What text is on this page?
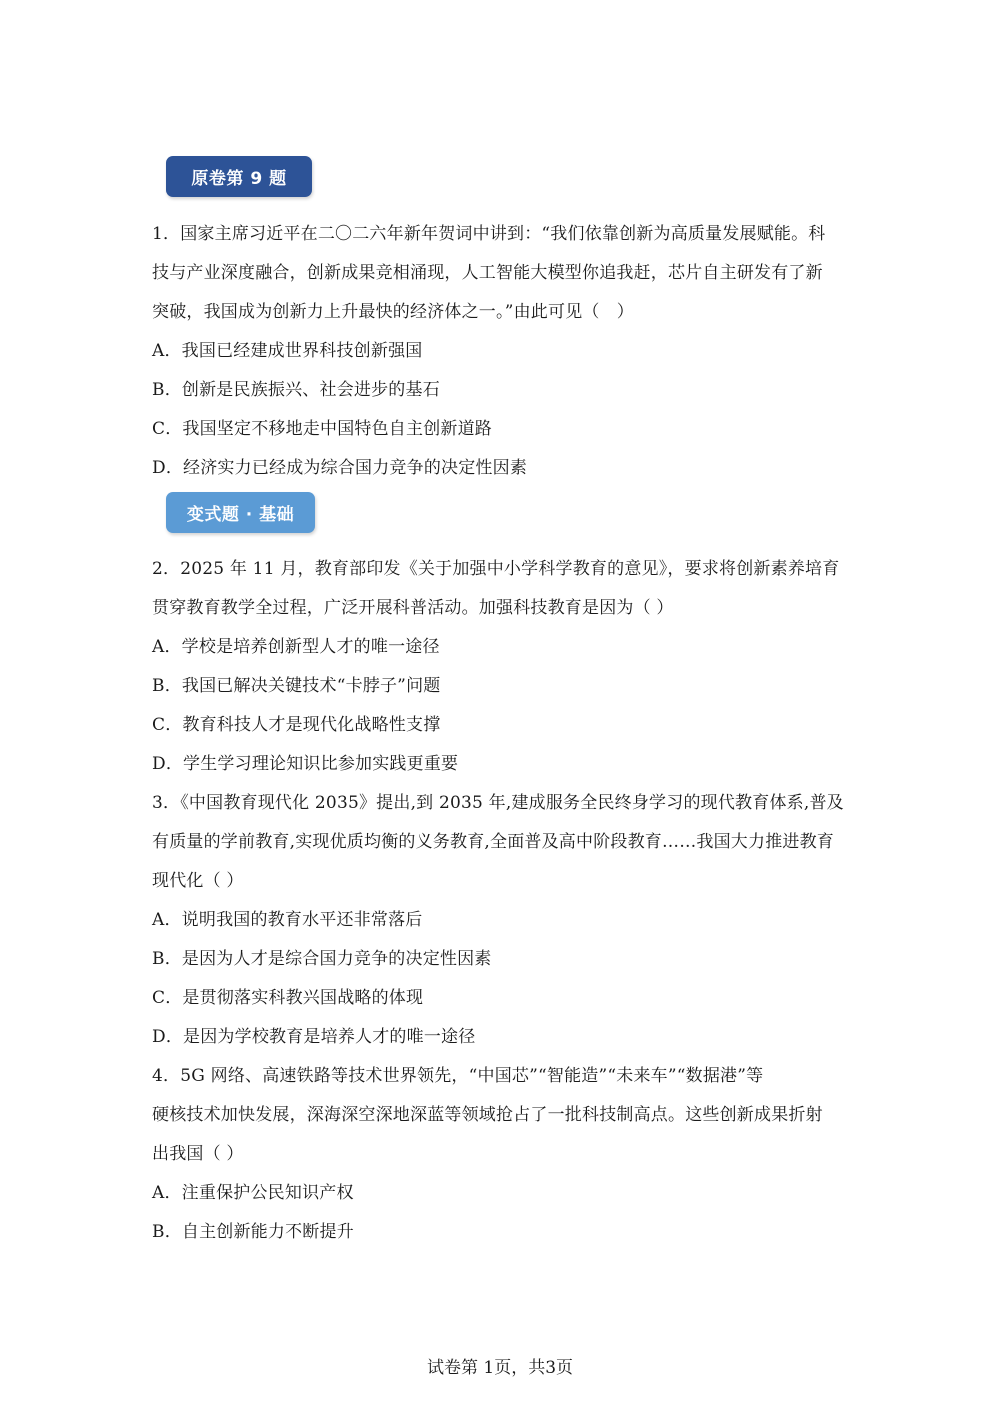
原卷第 9 题
1．国家主席习近平在二〇二六年新年贺词中讲到：“我们依靠创新为高质量发展赋能。科
技与产业深度融合，创新成果竞相涌现，人工智能大模型你追我赶，芯片自主研发有了新
突破，我国成为创新力上升最快的经济体之一。”由此可见（　）
A．我国已经建成世界科技创新强国
B．创新是民族振兴、社会进步的基石
C．我国坚定不移地走中国特色自主创新道路
D．经济实力已经成为综合国力竞争的决定性因素
变式题 · 基础
2．2025 年 11 月，教育部印发《关于加强中小学科学教育的意见》，要求将创新素养培育
贯穿教育教学全过程，广泛开展科普活动。加强科技教育是因为（ ）
A．学校是培养创新型人才的唯一途径
B．我国已解决关键技术“卡脖子”问题
C．教育科技人才是现代化战略性支撑
D．学生学习理论知识比参加实践更重要
3．《中国教育现代化 2035》提出,到 2035 年,建成服务全民终身学习的现代教育体系,普及
有质量的学前教育,实现优质均衡的义务教育,全面普及高中阶段教育……我国大力推进教育
现代化（ ）
A．说明我国的教育水平还非常落后
B．是因为人才是综合国力竞争的决定性因素
C．是贯彻落实科教兴国战略的体现
D．是因为学校教育是培养人才的唯一途径
4．5G 网络、高速铁路等技术世界领先，“中国芯”“智能造”“未来车”“数据港”等
硬核技术加快发展，深海深空深地深蓝等领域抢占了一批科技制高点。这些创新成果折射
出我国（ ）
A．注重保护公民知识产权
B．自主创新能力不断提升
试卷第 1页，共3页
